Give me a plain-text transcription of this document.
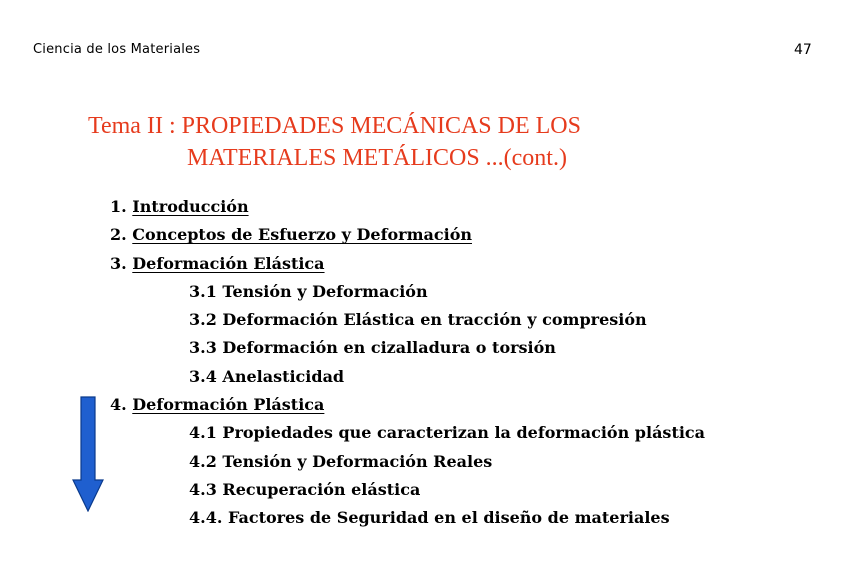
Ciencia de los Materiales	47
Tema II : PROPIEDADES MECÁNICAS DE LOS
MATERIALES METÁLICOS ...(cont.)
1. Introducción
2. Conceptos de Esfuerzo y Deformación
3. Deformación Elástica
3.1 Tensión y Deformación
3.2 Deformación Elástica en tracción y compresión
3.3 Deformación en cizalladura o torsión
3.4 Anelasticidad
4. Deformación Plástica
4.1 Propiedades que caracterizan la deformación plástica
4.2 Tensión y Deformación Reales
4.3 Recuperación elástica
4.4. Factores de Seguridad en el diseño de materiales
